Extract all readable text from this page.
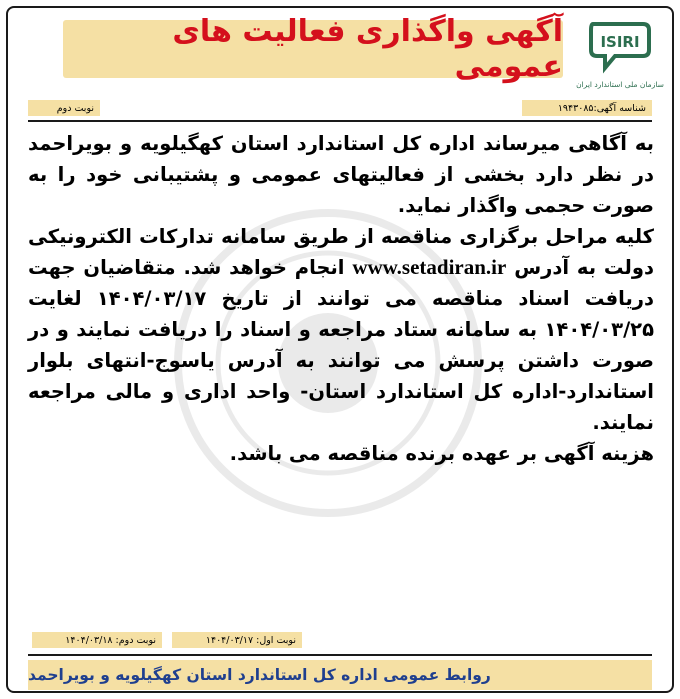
آگهی واگذاری فعالیت های عمومی
ISIRI
سازمان ملی استاندارد ایران
شناسه آگهی:۱۹۴۳۰۸۵
نوبت دوم

به آگاهی میرساند اداره کل استاندارد استان کهگیلویه و بویراحمد در نظر دارد بخشی از فعالیتهای عمومی و پشتیبانی خود را به صورت حجمی واگذار نماید.

کلیه مراحل برگزاری مناقصه از طریق سامانه تدارکات الکترونیکی دولت به آدرس www.setadiran.ir انجام خواهد شد. متقاضیان جهت دریافت اسناد مناقصه می توانند از تاریخ ۱۴۰۴/۰۳/۱۷ لغایت ۱۴۰۴/۰۳/۲۵ به سامانه ستاد مراجعه و اسناد را دریافت نمایند و در صورت داشتن پرسش می توانند به آدرس یاسوج-انتهای بلوار استاندارد-اداره کل استاندارد استان- واحد اداری و مالی مراجعه نمایند.

هزینه آگهی بر عهده برنده مناقصه می باشد.

نوبت دوم: ۱۴۰۴/۰۳/۱۸	نوبت اول: ۱۴۰۴/۰۳/۱۷
روابط عمومی اداره کل استاندارد استان کهگیلویه و بویراحمد
